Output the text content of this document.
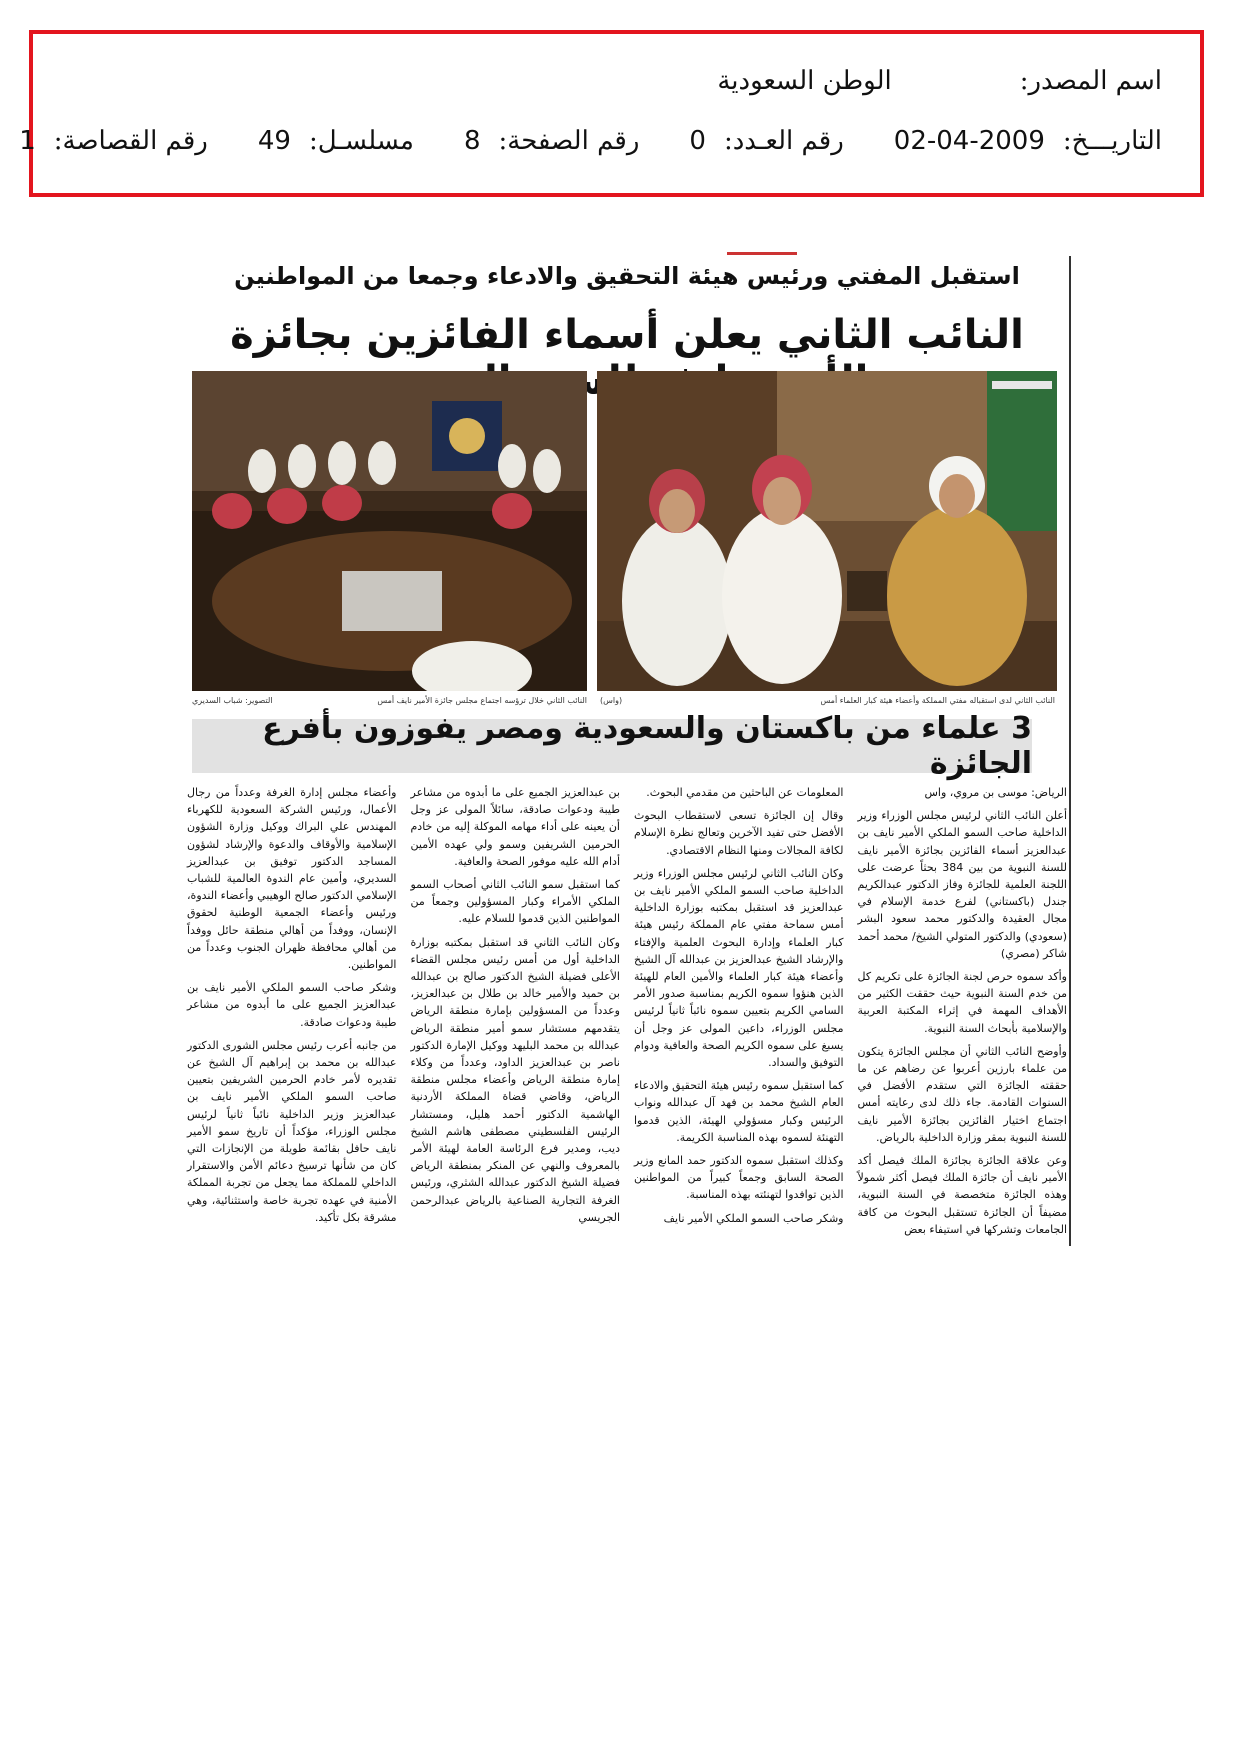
اسم المصدر:
الوطن السعودية
التاريـــخ:
02-04-2009
رقم العـدد:
0
رقم الصفحة:
8
مسلسـل:
49
رقم القصاصة:
1
استقبل المفتي ورئيس هيئة التحقيق والادعاء وجمعا من المواطنين
النائب الثاني يعلن أسماء الفائزين بجائزة
النائب الثاني لدى استقباله مفتي المملكة وأعضاء هيئة كبار العلماء أمس
(واس)
النائب الثاني خلال ترؤسه اجتماع مجلس جائزة الأمير نايف أمس
التصوير: شباب السديري
3 علماء من باكستان والسعودية ومصر يفوزون بأفرع الجائزة

الرياض: موسى بن مروي، واس

أعلن النائب الثاني لرئيس مجلس الوزراء وزير الداخلية صاحب السمو الملكي الأمير نايف بن عبدالعزيز أسماء الفائزين بجائزة الأمير نايف للسنة النبوية من بين 384 بحثاً عرضت على اللجنة العلمية للجائزة وفاز الدكتور عبدالكريم جندل (باكستاني) لفرع خدمة الإسلام في مجال العقيدة والدكتور محمد سعود البشر (سعودي) والدكتور المتولي الشيخ/ محمد أحمد شاكر (مصري)

وأكد سموه حرص لجنة الجائزة على تكريم كل من خدم السنة النبوية حيث حققت الكثير من الأهداف المهمة في إثراء المكتبة العربية والإسلامية بأبحاث السنة النبوية.

وأوضح النائب الثاني أن مجلس الجائزة يتكون من علماء بارزين أعربوا عن رضاهم عن ما حققته الجائزة التي ستقدم الأفضل في السنوات القادمة. جاء ذلك لدى رعايته أمس اجتماع اختيار الفائزين بجائزة الأمير نايف للسنة النبوية بمقر وزارة الداخلية بالرياض.

وعن علاقة الجائزة بجائزة الملك فيصل أكد الأمير نايف أن جائزة الملك فيصل أكثر شمولاً وهذه الجائزة متخصصة في السنة النبوية، مضيفاً أن الجائزة تستقبل البحوث من كافة الجامعات وتشركها في استيفاء بعض

المعلومات عن الباحثين من مقدمي البحوث.

وقال إن الجائزة تسعى لاستقطاب البحوث الأفضل حتى تفيد الآخرين وتعالج نظرة الإسلام لكافة المجالات ومنها النظام الاقتصادي.

وكان النائب الثاني لرئيس مجلس الوزراء وزير الداخلية صاحب السمو الملكي الأمير نايف بن عبدالعزيز قد استقبل بمكتبه بوزارة الداخلية أمس سماحة مفتي عام المملكة رئيس هيئة كبار العلماء وإدارة البحوث العلمية والإفتاء والإرشاد الشيخ عبدالعزيز بن عبدالله آل الشيخ وأعضاء هيئة كبار العلماء والأمين العام للهيئة الذين هنؤوا سموه الكريم بمناسبة صدور الأمر السامي الكريم بتعيين سموه نائباً ثانياً لرئيس مجلس الوزراء، داعين المولى عز وجل أن يسبغ على سموه الكريم الصحة والعافية ودوام التوفيق والسداد.

كما استقبل سموه رئيس هيئة التحقيق والادعاء العام الشيخ محمد بن فهد آل عبدالله ونواب الرئيس وكبار مسؤولي الهيئة، الذين قدموا التهنئة لسموه بهذه المناسبة الكريمة.

وكذلك استقبل سموه الدكتور حمد المانع وزير الصحة السابق وجمعاً كبيراً من المواطنين الذين توافدوا لتهنئته بهذه المناسبة.

وشكر صاحب السمو الملكي الأمير نايف

بن عبدالعزيز الجميع على ما أبدوه من مشاعر طيبة ودعوات صادقة، سائلاً المولى عز وجل أن يعينه على أداء مهامه الموكلة إليه من خادم الحرمين الشريفين وسمو ولي عهده الأمين أدام الله عليه موفور الصحة والعافية.

كما استقبل سمو النائب الثاني أصحاب السمو الملكي الأمراء وكبار المسؤولين وجمعاً من المواطنين الذين قدموا للسلام عليه.

وكان النائب الثاني قد استقبل بمكتبه بوزارة الداخلية أول من أمس رئيس مجلس القضاء الأعلى فضيلة الشيخ الدكتور صالح بن عبدالله بن حميد والأمير خالد بن طلال بن عبدالعزيز، وعدداً من المسؤولين بإمارة منطقة الرياض يتقدمهم مستشار سمو أمير منطقة الرياض عبدالله بن محمد البليهد ووكيل الإمارة الدكتور ناصر بن عبدالعزيز الداود، وعدداً من وكلاء إمارة منطقة الرياض وأعضاء مجلس منطقة الرياض، وقاضي قضاة المملكة الأردنية الهاشمية الدكتور أحمد هليل، ومستشار الرئيس الفلسطيني مصطفى هاشم الشيخ ديب، ومدير فرع الرئاسة العامة لهيئة الأمر بالمعروف والنهي عن المنكر بمنطقة الرياض فضيلة الشيخ الدكتور عبدالله الشثري، ورئيس الغرفة التجارية الصناعية بالرياض عبدالرحمن الجريسي

وأعضاء مجلس إدارة الغرفة وعدداً من رجال الأعمال، ورئيس الشركة السعودية للكهرباء المهندس علي البراك ووكيل وزارة الشؤون الإسلامية والأوقاف والدعوة والإرشاد لشؤون المساجد الدكتور توفيق بن عبدالعزيز السديري، وأمين عام الندوة العالمية للشباب الإسلامي الدكتور صالح الوهيبي وأعضاء الندوة، ورئيس وأعضاء الجمعية الوطنية لحقوق الإنسان، ووفداً من أهالي منطقة حائل ووفداً من أهالي محافظة ظهران الجنوب وعدداً من المواطنين.

وشكر صاحب السمو الملكي الأمير نايف بن عبدالعزيز الجميع على ما أبدوه من مشاعر طيبة ودعوات صادقة.

من جانبه أعرب رئيس مجلس الشورى الدكتور عبدالله بن محمد بن إبراهيم آل الشيخ عن تقديره لأمر خادم الحرمين الشريفين بتعيين صاحب السمو الملكي الأمير نايف بن عبدالعزيز وزير الداخلية نائباً ثانياً لرئيس مجلس الوزراء، مؤكداً أن تاريخ سمو الأمير نايف حافل بقائمة طويلة من الإنجازات التي كان من شأنها ترسيخ دعائم الأمن والاستقرار الداخلي للمملكة مما يجعل من تجربة المملكة الأمنية في عهده تجربة خاصة واستثنائية، وهي مشرقة بكل تأكيد.
